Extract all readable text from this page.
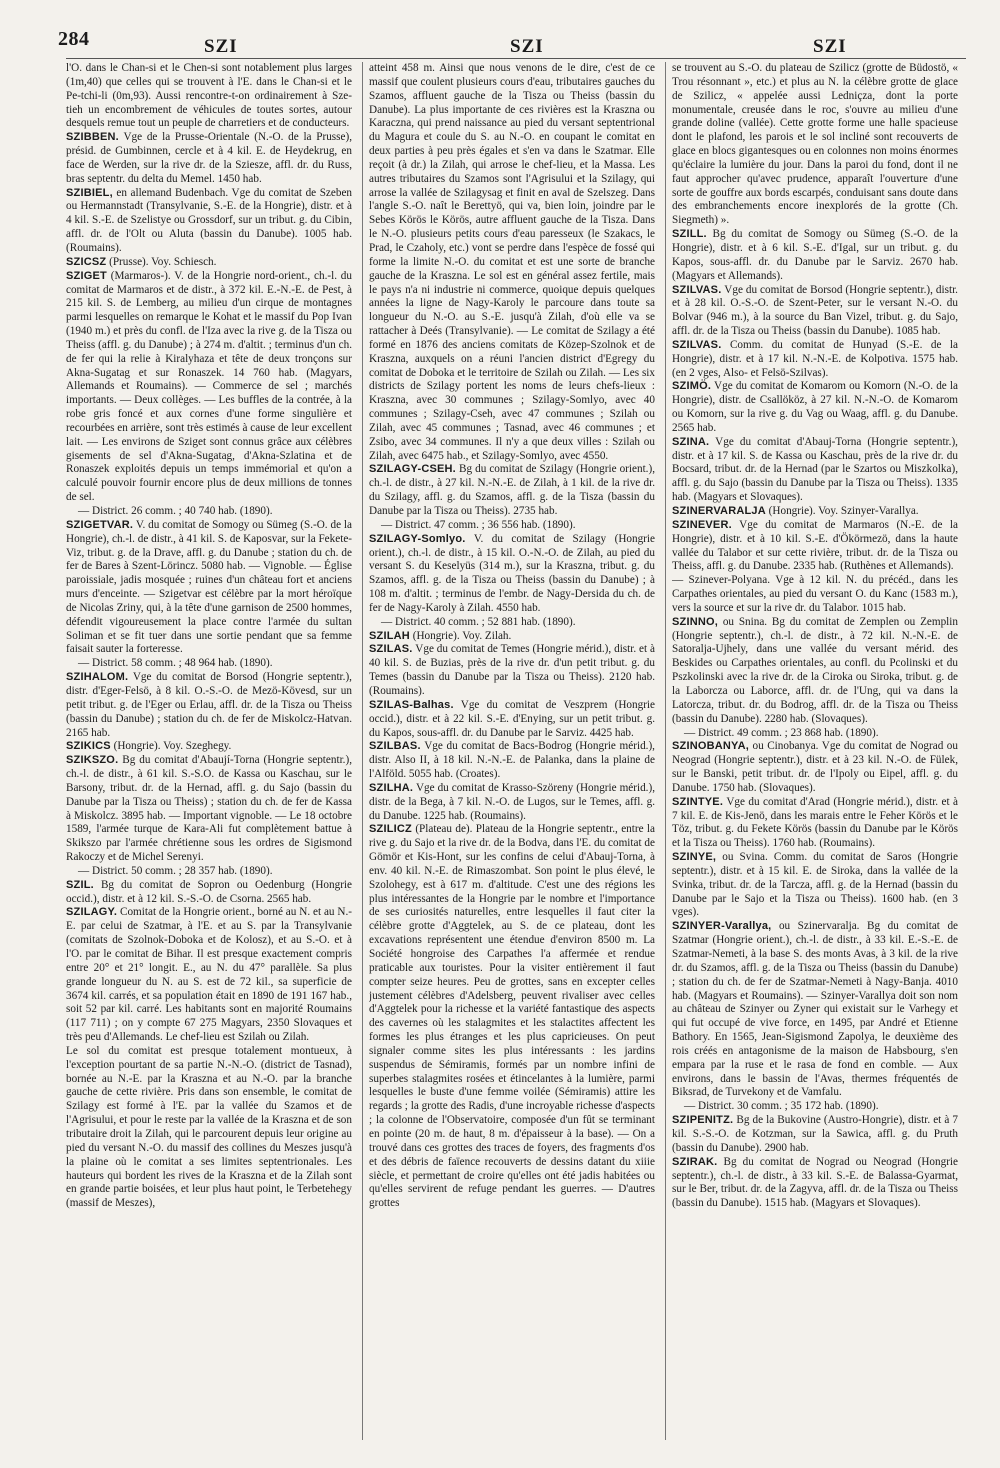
284	SZI	SZI	SZI

l'O. dans le Chan-si et le Chen-si sont notablement plus larges (1m,40) que celles qui se trouvent à l'E. dans le Chan-si et le Pe-tchi-li (0m,93). Aussi rencontre-t-on ordinairement à Sze-tieh un encombrement de véhicules de toutes sortes, autour desquels remue tout un peuple de charretiers et de conducteurs.

SZIBBEN. Vge de la Prusse-Orientale (N.-O. de la Prusse), présid. de Gumbinnen, cercle et à 4 kil. E. de Heydekrug, en face de Werden, sur la rive dr. de la Sziesze, affl. dr. du Russ, bras septentr. du delta du Memel. 1450 hab.

SZIBIEL, en allemand Budenbach. Vge du comitat de Szeben ou Hermannstadt (Transylvanie, S.-E. de la Hongrie), distr. et à 4 kil. S.-E. de Szelistye ou Grossdorf, sur un tribut. g. du Cibin, affl. dr. de l'Olt ou Aluta (bassin du Danube). 1005 hab. (Roumains).

SZICSZ (Prusse). Voy. Schiesch.

SZIGET (Marmaros-). V. de la Hongrie nord-orient., ch.-l. du comitat de Marmaros et de distr., à 372 kil. E.-N.-E. de Pest, à 215 kil. S. de Lemberg, au milieu d'un cirque de montagnes parmi lesquelles on remarque le Kohat et le massif du Pop Ivan (1940 m.) et près du confl. de l'Iza avec la rive g. de la Tisza ou Theiss (affl. g. du Danube) ; à 274 m. d'altit. ; terminus d'un ch. de fer qui la relie à Kiralyhaza et tête de deux tronçons sur Akna-Sugatag et sur Ronaszek. 14 760 hab. (Magyars, Allemands et Roumains). — Commerce de sel ; marchés importants. — Deux collèges. — Les buffles de la contrée, à la robe gris foncé et aux cornes d'une forme singulière et recourbées en arrière, sont très estimés à cause de leur excellent lait. — Les environs de Sziget sont connus grâce aux célèbres gisements de sel d'Akna-Sugatag, d'Akna-Szlatina et de Ronaszek exploités depuis un temps immémorial et qu'on a calculé pouvoir fournir encore plus de deux millions de tonnes de sel.

— District. 26 comm. ; 40 740 hab. (1890).

SZIGETVAR. V. du comitat de Somogy ou Sümeg (S.-O. de la Hongrie), ch.-l. de distr., à 41 kil. S. de Kaposvar, sur la Fekete-Viz, tribut. g. de la Drave, affl. g. du Danube ; station du ch. de fer de Bares à Szent-Lörincz. 5080 hab. — Vignoble. — Église paroissiale, jadis mosquée ; ruines d'un château fort et anciens murs d'enceinte. — Szigetvar est célèbre par la mort héroïque de Nicolas Zriny, qui, à la tête d'une garnison de 2500 hommes, défendit vigoureusement la place contre l'armée du sultan Soliman et se fit tuer dans une sortie pendant que sa femme faisait sauter la forteresse.

— District. 58 comm. ; 48 964 hab. (1890).

SZIHALOM. Vge du comitat de Borsod (Hongrie septentr.), distr. d'Eger-Felsö, à 8 kil. O.-S.-O. de Mezö-Kövesd, sur un petit tribut. g. de l'Eger ou Erlau, affl. dr. de la Tisza ou Theiss (bassin du Danube) ; station du ch. de fer de Miskolcz-Hatvan. 2165 hab.

SZIKICS (Hongrie). Voy. Szeghegy.

SZIKSZO. Bg du comitat d'Abaují-Torna (Hongrie septentr.), ch.-l. de distr., à 61 kil. S.-S.O. de Kassa ou Kaschau, sur le Barsony, tribut. dr. de la Hernad, affl. g. du Sajo (bassin du Danube par la Tisza ou Theiss) ; station du ch. de fer de Kassa à Miskolcz. 3895 hab. — Important vignoble. — Le 18 octobre 1589, l'armée turque de Kara-Ali fut complètement battue à Skikszo par l'armée chrétienne sous les ordres de Sigismond Rakoczy et de Michel Serenyi.

— District. 50 comm. ; 28 357 hab. (1890).

SZIL. Bg du comitat de Sopron ou Oedenburg (Hongrie occid.), distr. et à 12 kil. S.-S.-O. de Csorna. 2565 hab.

SZILAGY. Comitat de la Hongrie orient., borné au N. et au N.-E. par celui de Szatmar, à l'E. et au S. par la Transylvanie (comitats de Szolnok-Doboka et de Kolosz), et au S.-O. et à l'O. par le comitat de Bihar. Il est presque exactement compris entre 20° et 21° longit. E., au N. du 47° parallèle. Sa plus grande longueur du N. au S. est de 72 kil., sa superficie de 3674 kil. carrés, et sa population était en 1890 de 191 167 hab., soit 52 par kil. carré. Les habitants sont en majorité Roumains (117 711) ; on y compte 67 275 Magyars, 2350 Slovaques et très peu d'Allemands. Le chef-lieu est Szilah ou Zilah.

Le sol du comitat est presque totalement montueux, à l'exception pourtant de sa partie N.-N.-O. (district de Tasnad), bornée au N.-E. par la Kraszna et au N.-O. par la branche gauche de cette rivière. Pris dans son ensemble, le comitat de Szilagy est formé à l'E. par la vallée du Szamos et de l'Agrisului, et pour le reste par la vallée de la Kraszna et de son tributaire droit la Zilah, qui le parcourent depuis leur origine au pied du versant N.-O. du massif des collines du Meszes jusqu'à la plaine où le comitat a ses limites septentrionales. Les hauteurs qui bordent les rives de la Kraszna et de la Zilah sont en grande partie boisées, et leur plus haut point, le Terbetehegy (massif de Meszes),

atteint 458 m. Ainsi que nous venons de le dire, c'est de ce massif que coulent plusieurs cours d'eau, tributaires gauches du Szamos, affluent gauche de la Tisza ou Theiss (bassin du Danube). La plus importante de ces rivières est la Kraszna ou Karaczna, qui prend naissance au pied du versant septentrional du Magura et coule du S. au N.-O. en coupant le comitat en deux parties à peu près égales et s'en va dans le Szatmar. Elle reçoit (à dr.) la Zilah, qui arrose le chef-lieu, et la Massa. Les autres tributaires du Szamos sont l'Agrisului et la Szilagy, qui arrose la vallée de Szilagysag et finit en aval de Szelszeg. Dans l'angle S.-O. naît le Berettyö, qui va, bien loin, joindre par le Sebes Körös le Körös, autre affluent gauche de la Tisza. Dans le N.-O. plusieurs petits cours d'eau paresseux (le Szakacs, le Prad, le Czaholy, etc.) vont se perdre dans l'espèce de fossé qui forme la limite N.-O. du comitat et est une sorte de branche gauche de la Kraszna. Le sol est en général assez fertile, mais le pays n'a ni industrie ni commerce, quoique depuis quelques années la ligne de Nagy-Karoly le parcoure dans toute sa longueur du N.-O. au S.-E. jusqu'à Zilah, d'où elle va se rattacher à Deés (Transylvanie). — Le comitat de Szilagy a été formé en 1876 des anciens comitats de Közep-Szolnok et de Kraszna, auxquels on a réuni l'ancien district d'Egregy du comitat de Doboka et le territoire de Szilah ou Zilah. — Les six districts de Szilagy portent les noms de leurs chefs-lieux : Kraszna, avec 30 communes ; Szilagy-Somlyo, avec 40 communes ; Szilagy-Cseh, avec 47 communes ; Szilah ou Zilah, avec 45 communes ; Tasnad, avec 46 communes ; et Zsibo, avec 34 communes. Il n'y a que deux villes : Szilah ou Zilah, avec 6475 hab., et Szilagy-Somlyo, avec 4550.

SZILAGY-CSEH. Bg du comitat de Szilagy (Hongrie orient.), ch.-l. de distr., à 27 kil. N.-N.-E. de Zilah, à 1 kil. de la rive dr. du Szilagy, affl. g. du Szamos, affl. g. de la Tisza (bassin du Danube par la Tisza ou Theiss). 2735 hab.

— District. 47 comm. ; 36 556 hab. (1890).

SZILAGY-Somlyo. V. du comitat de Szilagy (Hongrie orient.), ch.-l. de distr., à 15 kil. O.-N.-O. de Zilah, au pied du versant S. du Keselyüs (314 m.), sur la Kraszna, tribut. g. du Szamos, affl. g. de la Tisza ou Theiss (bassin du Danube) ; à 108 m. d'altit. ; terminus de l'embr. de Nagy-Dersida du ch. de fer de Nagy-Karoly à Zilah. 4550 hab.

— District. 40 comm. ; 52 881 hab. (1890).

SZILAH (Hongrie). Voy. Zilah.

SZILAS. Vge du comitat de Temes (Hongrie mérid.), distr. et à 40 kil. S. de Buzias, près de la rive dr. d'un petit tribut. g. du Temes (bassin du Danube par la Tisza ou Theiss). 2120 hab. (Roumains).

SZILAS-Balhas. Vge du comitat de Veszprem (Hongrie occid.), distr. et à 22 kil. S.-E. d'Enying, sur un petit tribut. g. du Kapos, sous-affl. dr. du Danube par le Sarviz. 4425 hab.

SZILBAS. Vge du comitat de Bacs-Bodrog (Hongrie mérid.), distr. Also II, à 18 kil. N.-N.-E. de Palanka, dans la plaine de l'Alföld. 5055 hab. (Croates).

SZILHA. Vge du comitat de Krasso-Szöreny (Hongrie mérid.), distr. de la Bega, à 7 kil. N.-O. de Lugos, sur le Temes, affl. g. du Danube. 1225 hab. (Roumains).

SZILICZ (Plateau de). Plateau de la Hongrie septentr., entre la rive g. du Sajo et la rive dr. de la Bodva, dans l'E. du comitat de Gömör et Kis-Hont, sur les confins de celui d'Abauj-Torna, à env. 40 kil. N.-E. de Rimaszombat. Son point le plus élevé, le Szolohegy, est à 617 m. d'altitude. C'est une des régions les plus intéressantes de la Hongrie par le nombre et l'importance de ses curiosités naturelles, entre lesquelles il faut citer la célèbre grotte d'Aggtelek, au S. de ce plateau, dont les excavations représentent une étendue d'environ 8500 m. La Société hongroise des Carpathes l'a affermée et rendue praticable aux touristes. Pour la visiter entièrement il faut compter seize heures. Peu de grottes, sans en excepter celles justement célèbres d'Adelsberg, peuvent rivaliser avec celles d'Aggtelek pour la richesse et la variété fantastique des aspects des cavernes où les stalagmites et les stalactites affectent les formes les plus étranges et les plus capricieuses. On peut signaler comme sites les plus intéressants : les jardins suspendus de Sémiramis, formés par un nombre infini de superbes stalagmites rosées et étincelantes à la lumière, parmi lesquelles le buste d'une femme voilée (Sémiramis) attire les regards ; la grotte des Radis, d'une incroyable richesse d'aspects ; la colonne de l'Observatoire, composée d'un fût se terminant en pointe (20 m. de haut, 8 m. d'épaisseur à la base). — On a trouvé dans ces grottes des traces de foyers, des fragments d'os et des débris de faïence recouverts de dessins datant du xiiie siècle, et permettant de croire qu'elles ont été jadis habitées ou qu'elles servirent de refuge pendant les guerres. — D'autres grottes

se trouvent au S.-O. du plateau de Szilicz (grotte de Büdostö, « Trou résonnant », etc.) et plus au N. la célèbre grotte de glace de Szilicz, « appelée aussi Ledniçza, dont la porte monumentale, creusée dans le roc, s'ouvre au milieu d'une grande doline (vallée). Cette grotte forme une halle spacieuse dont le plafond, les parois et le sol incliné sont recouverts de glace en blocs gigantesques ou en colonnes non moins énormes qu'éclaire la lumière du jour. Dans la paroi du fond, dont il ne faut approcher qu'avec prudence, apparaît l'ouverture d'une sorte de gouffre aux bords escarpés, conduisant sans doute dans des embranchements encore inexplorés de la grotte (Ch. Siegmeth) ».

SZILL. Bg du comitat de Somogy ou Sümeg (S.-O. de la Hongrie), distr. et à 6 kil. S.-E. d'Igal, sur un tribut. g. du Kapos, sous-affl. dr. du Danube par le Sarviz. 2670 hab. (Magyars et Allemands).

SZILVAS. Vge du comitat de Borsod (Hongrie septentr.), distr. et à 28 kil. O.-S.-O. de Szent-Peter, sur le versant N.-O. du Bolvar (946 m.), à la source du Ban Vizel, tribut. g. du Sajo, affl. dr. de la Tisza ou Theiss (bassin du Danube). 1085 hab.

SZILVAS. Comm. du comitat de Hunyad (S.-E. de la Hongrie), distr. et à 17 kil. N.-N.-E. de Kolpotiva. 1575 hab. (en 2 vges, Also- et Felsö-Szilvas).

SZIMÖ. Vge du comitat de Komarom ou Komorn (N.-O. de la Hongrie), distr. de Csallököz, à 27 kil. N.-N.-O. de Komarom ou Komorn, sur la rive g. du Vag ou Waag, affl. g. du Danube. 2565 hab.

SZINA. Vge du comitat d'Abauj-Torna (Hongrie septentr.), distr. et à 17 kil. S. de Kassa ou Kaschau, près de la rive dr. du Bocsard, tribut. dr. de la Hernad (par le Szartos ou Miszkolka), affl. g. du Sajo (bassin du Danube par la Tisza ou Theiss). 1335 hab. (Magyars et Slovaques).

SZINERVARALJA (Hongrie). Voy. Szinyer-Varallya.

SZINEVER. Vge du comitat de Marmaros (N.-E. de la Hongrie), distr. et à 10 kil. S.-E. d'Ökörmezö, dans la haute vallée du Talabor et sur cette rivière, tribut. dr. de la Tisza ou Theiss, affl. g. du Danube. 2335 hab. (Ruthènes et Allemands).

— Szinever-Polyana. Vge à 12 kil. N. du précéd., dans les Carpathes orientales, au pied du versant O. du Kanc (1583 m.), vers la source et sur la rive dr. du Talabor. 1015 hab.

SZINNO, ou Snina. Bg du comitat de Zemplen ou Zemplin (Hongrie septentr.), ch.-l. de distr., à 72 kil. N.-N.-E. de Satoralja-Ujhely, dans une vallée du versant mérid. des Beskides ou Carpathes orientales, au confl. du Pcolinski et du Pszkolinski avec la rive dr. de la Ciroka ou Siroka, tribut. g. de la Laborcza ou Laborce, affl. dr. de l'Ung, qui va dans la Latorcza, tribut. dr. du Bodrog, affl. dr. de la Tisza ou Theiss (bassin du Danube). 2280 hab. (Slovaques).

— District. 49 comm. ; 23 868 hab. (1890).

SZINOBANYA, ou Cinobanya. Vge du comitat de Nograd ou Neograd (Hongrie septentr.), distr. et à 23 kil. N.-O. de Fülek, sur le Banski, petit tribut. dr. de l'Ipoly ou Eipel, affl. g. du Danube. 1750 hab. (Slovaques).

SZINTYE. Vge du comitat d'Arad (Hongrie mérid.), distr. et à 7 kil. E. de Kis-Jenö, dans les marais entre le Feher Körös et le Töz, tribut. g. du Fekete Körös (bassin du Danube par le Körös et la Tisza ou Theiss). 1760 hab. (Roumains).

SZINYE, ou Svina. Comm. du comitat de Saros (Hongrie septentr.), distr. et à 15 kil. E. de Siroka, dans la vallée de la Svinka, tribut. dr. de la Tarcza, affl. g. de la Hernad (bassin du Danube par le Sajo et la Tisza ou Theiss). 1600 hab. (en 3 vges).

SZINYER-Varallya, ou Szinervaralja. Bg du comitat de Szatmar (Hongrie orient.), ch.-l. de distr., à 33 kil. E.-S.-E. de Szatmar-Nemeti, à la base S. des monts Avas, à 3 kil. de la rive dr. du Szamos, affl. g. de la Tisza ou Theiss (bassin du Danube) ; station du ch. de fer de Szatmar-Nemeti à Nagy-Banja. 4010 hab. (Magyars et Roumains). — Szinyer-Varallya doit son nom au château de Szinyer ou Zyner qui existait sur le Varhegy et qui fut occupé de vive force, en 1495, par André et Etienne Bathory. En 1565, Jean-Sigismond Zapolya, le deuxième des rois créés en antagonisme de la maison de Habsbourg, s'en empara par la ruse et le rasa de fond en comble. — Aux environs, dans le bassin de l'Avas, thermes fréquentés de Biksrad, de Turvekony et de Vamfalu.

— District. 30 comm. ; 35 172 hab. (1890).

SZIPENITZ. Bg de la Bukovine (Austro-Hongrie), distr. et à 7 kil. S.-S.-O. de Kotzman, sur la Sawica, affl. g. du Pruth (bassin du Danube). 2900 hab.

SZIRAK. Bg du comitat de Nograd ou Neograd (Hongrie septentr.), ch.-l. de distr., à 33 kil. S.-E. de Balassa-Gyarmat, sur le Ber, tribut. dr. de la Zagyva, affl. dr. de la Tisza ou Theiss (bassin du Danube). 1515 hab. (Magyars et Slovaques).
